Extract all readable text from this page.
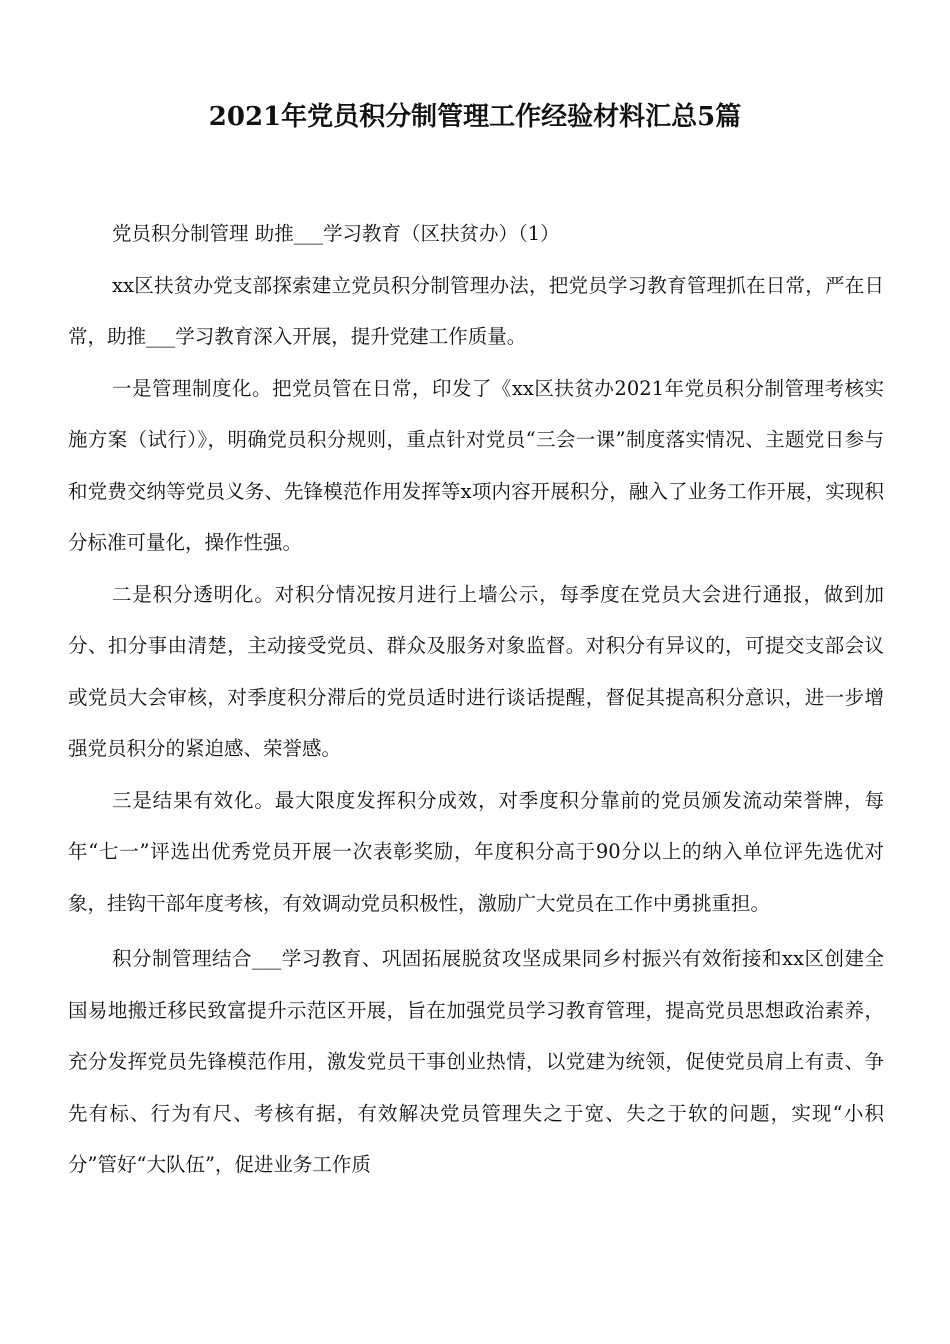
2021年党员积分制管理工作经验材料汇总5篇

党员积分制管理 助推___学习教育（区扶贫办）（1）

xx区扶贫办党支部探索建立党员积分制管理办法，把党员学习教育管理抓在日常，严在日常，助推___学习教育深入开展，提升党建工作质量。

一是管理制度化。把党员管在日常，印发了《xx区扶贫办2021年党员积分制管理考核实施方案（试行）》，明确党员积分规则，重点针对党员“三会一课”制度落实情况、主题党日参与和党费交纳等党员义务、先锋模范作用发挥等x项内容开展积分，融入了业务工作开展，实现积分标准可量化，操作性强。

二是积分透明化。对积分情况按月进行上墙公示，每季度在党员大会进行通报，做到加分、扣分事由清楚，主动接受党员、群众及服务对象监督。对积分有异议的，可提交支部会议或党员大会审核，对季度积分滞后的党员适时进行谈话提醒，督促其提高积分意识，进一步增强党员积分的紧迫感、荣誉感。

三是结果有效化。最大限度发挥积分成效，对季度积分靠前的党员颁发流动荣誉牌，每年“七一”评选出优秀党员开展一次表彰奖励，年度积分高于90分以上的纳入单位评先选优对象，挂钩干部年度考核，有效调动党员积极性，激励广大党员在工作中勇挑重担。

积分制管理结合___学习教育、巩固拓展脱贫攻坚成果同乡村振兴有效衔接和xx区创建全国易地搬迁移民致富提升示范区开展，旨在加强党员学习教育管理，提高党员思想政治素养，充分发挥党员先锋模范作用，激发党员干事创业热情，以党建为统领，促使党员肩上有责、争先有标、行为有尺、考核有据，有效解决党员管理失之于宽、失之于软的问题，实现“小积分”管好“大队伍”，促进业务工作质
